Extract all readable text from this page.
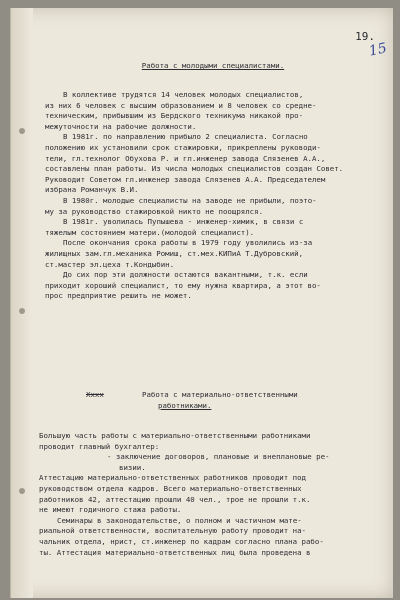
19.
15

Работа с молодыми специалистами.

В коллективе трудятся 14 человек молодых специалистов,

из них 6 человек с высшим образованием и 8 человек со средне-

техническим, прибывшим из Бердского техникума никакой про-

межуточности на рабочие должности.

В 1981г. по направлению прибыло 2 специалиста. Согласно

положению их установили срок стажировки, прикреплены руководи-

тели, гл.технолог Обухова Р. и гл.инженер завода Слязенев А.А.,

составлены план работы. Из числа молодых специалистов создан Совет.

Руководит Советом гл.инженер завода Слязенев А.А. Председателем

избрана Романчук В.И.

В 1980г. молодые специалисты на заводе не прибыли, поэто-

му за руководство стажировкой никто не поощрялся.

В 1981г. уволилась Пупышева - инженер-химик, в связи с

тяжелым состоянием матери.(молодой специалист).

После окончания срока работы в 1979 году уволились из-за

жилищных зам.гл.механика Ромиш, ст.мех.КИПиА Т.Дубровский,

ст.мастер эл.цеха т.Кондыбин.

До сих пор эти должности остаются вакантными, т.к. если

приходит хороший специалист, то ему нужна квартира, а этот во-

прос предприятие решить не может.

Хххх	Работа с материально-ответственными

работниками.

Большую часть работы с материально-ответственными работниками

проводит главный бухгалтер:

- заключение договоров, плановые и внеплановые ре-

визии.

Аттестацию материально-ответственных работников проводит под

руководством отдела кадров. Всего материально-ответственных

работников 42, аттестацию прошли 40 чел., трое не прошли т.к.

не имеют годичного стажа работы.

Семинары в законодательстве, о полном и частичном мате-

риальной ответственности, воспитательную работу проводит на-

чальник отдела, нрист, ст.инженер по кадрам согласно плана рабо-

ты. Аттестация материально-ответственных лиц была проведена в
